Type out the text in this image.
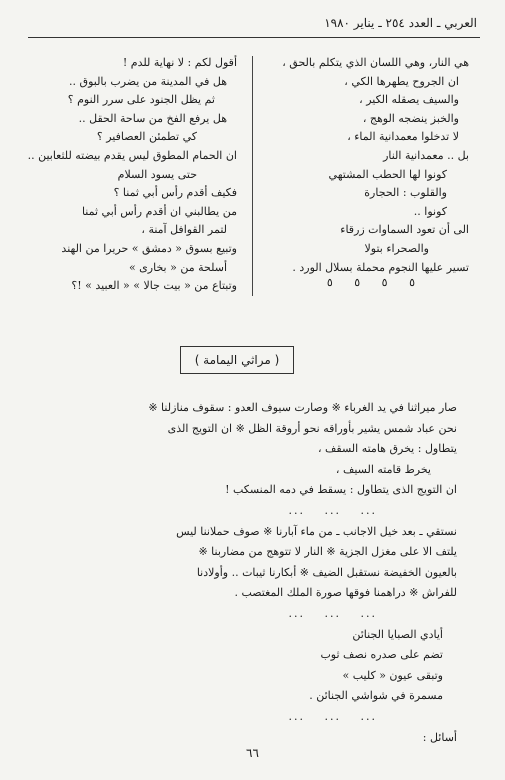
العربي ـ العدد ٢٥٤ ـ يناير ١٩٨٠
هي النار، وهي اللسان الذي يتكلم بالحق ،
ان الجروح يطهرها الكي ،
والسيف يصقله الكير ،
والخبز ينضجه الوهج ،
لا تدخلوا معمدانية الماء ،
بل .. معمدانية النار
كونوا لها الحطب المشتهي
والقلوب : الحجارة
كونوا ..
الى أن تعود السماوات زرقاء
والصحراء بتولا
تسير عليها النجوم محملة بسلال الورد .
أقول لكم : لا نهاية للدم !
هل في المدينة من يضرب بالبوق ..
ثم يظل الجنود على سرر النوم ؟
هل يرفع الفخ من ساحة الحقل ..
كي تطمئن العصافير ؟
ان الحمام المطوق ليس يقدم بيضته للثعابين ..
حتى يسود السلام
فكيف أقدم رأس أبي ثمنا ؟
من يطالبني ان أقدم رأس أبي ثمنا
لتمر القوافل آمنة ،
وتبيع بسوق « دمشق » حريرا من الهند
أسلحة من « بخارى »
وتبتاع من « بيت جالا » « العبيد » !؟	٥ ٥ ٥ ٥
( مراثي اليمامة )
صار ميراثنا في يد الغرباء ※ وصارت سيوف العدو : سقوف منازلنا ※
نحن عباد شمس يشير بأوراقه نحو أروقة الظل ※ ان التويج الذى
يتطاول : يخرق هامته السقف ،
يخرط قامته السيف ،
ان التويج الذى يتطاول : يسقط في دمه المنسكب !
... ... ...
نستقي ـ بعد خيل الاجانب ـ من ماء آبارنا ※ صوف حملاننا ليس
يلتف الا على مغزل الجزية ※ النار لا تتوهج من مضاربنا ※
بالعيون الخفيضة نستقبل الضيف ※ أبكارنا ثيبات .. وأولادنا
للفراش ※ دراهمنا فوقها صورة الملك المغتصب .
... ... ...
أيادي الصبايا الجنائن
تضم على صدره نصف ثوب
وتبقى عيون « كليب »
مسمرة في شواشي الجنائن .
... ... ...
أسائل :
٦٦
